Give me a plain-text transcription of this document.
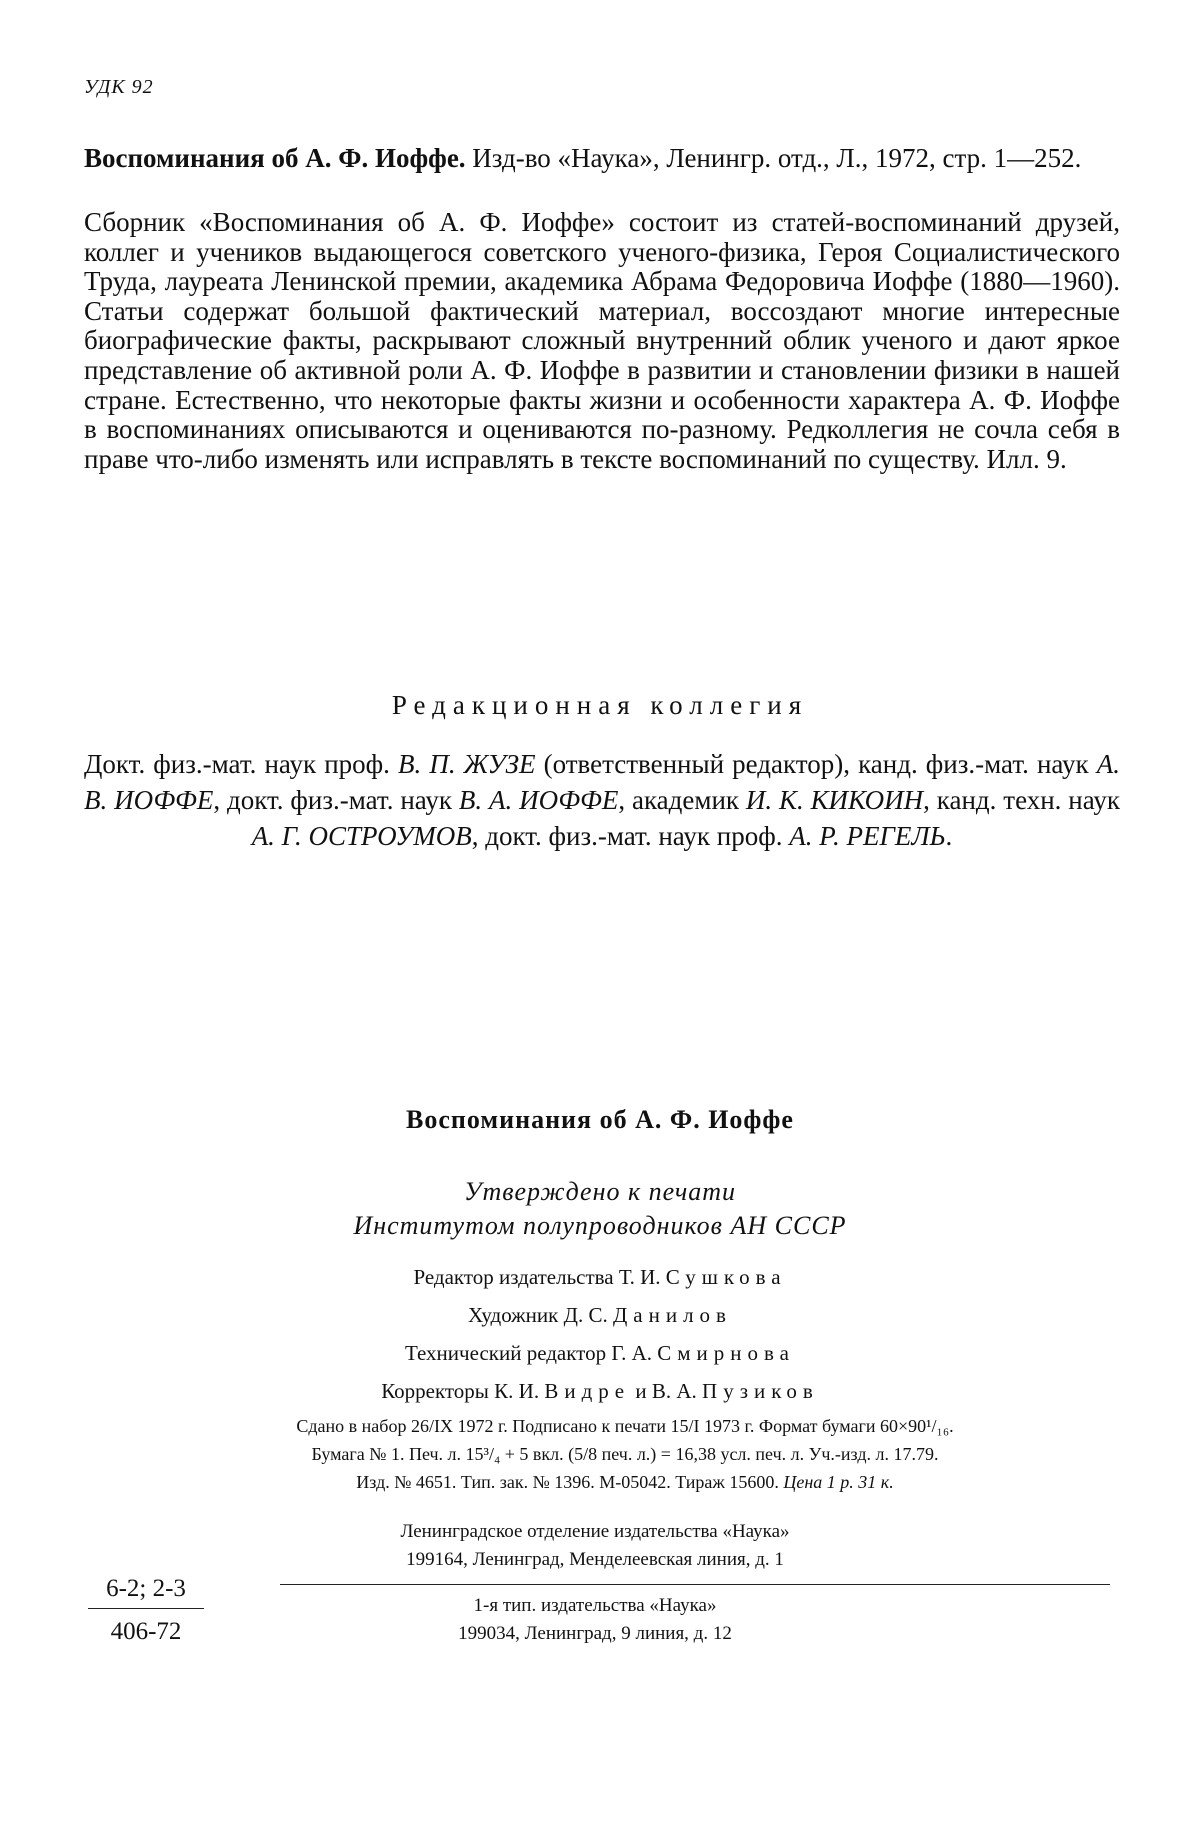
УДК 92
Воспоминания об А. Ф. Иоффе. Изд-во «Наука», Ленингр. отд., Л., 1972, стр. 1—252.
Сборник «Воспоминания об А. Ф. Иоффе» состоит из статей-воспоминаний друзей, коллег и учеников выдающегося советского ученого-физика, Героя Социалистического Труда, лауреата Ленинской премии, академика Абрама Федоровича Иоффе (1880—1960). Статьи содержат большой фактический материал, воссоздают многие интересные биографические факты, раскрывают сложный внутренний облик ученого и дают яркое представление об активной роли А. Ф. Иоффе в развитии и становлении физики в нашей стране. Естественно, что некоторые факты жизни и особенности характера А. Ф. Иоффе в воспоминаниях описываются и оцениваются по-разному. Редколлегия не сочла себя в праве что-либо изменять или исправлять в тексте воспоминаний по существу. Илл. 9.
Редакционная коллегия
Докт. физ.-мат. наук проф. В. П. ЖУЗЕ (ответственный редактор), канд. физ.-мат. наук А. В. ИОФФЕ, докт. физ.-мат. наук В. А. ИОФФЕ, академик И. К. КИКОИН, канд. техн. наук А. Г. ОСТРОУМОВ, докт. физ.-мат. наук проф. А. Р. РЕГЕЛЬ.
Воспоминания об А. Ф. Иоффе
Утверждено к печати
Институтом полупроводников АН СССР
Редактор издательства Т. И. Сушкова
Художник Д. С. Данилов
Технический редактор Г. А. Смирнова
Корректоры К. И. Видре и В. А. Пузиков
Сдано в набор 26/IX 1972 г. Подписано к печати 15/I 1973 г. Формат бумаги 60×90¹/₁₆.
Бумага № 1. Печ. л. 15³/₄ + 5 вкл. (5/8 печ. л.) = 16,38 усл. печ. л. Уч.-изд. л. 17.79.
Изд. № 4651. Тип. зак. № 1396. М-05042. Тираж 15600. Цена 1 р. 31 к.
Ленинградское отделение издательства «Наука»
199164, Ленинград, Менделеевская линия, д. 1
1-я тип. издательства «Наука»
199034, Ленинград, 9 линия, д. 12
$\frac{6-2; 2-3}{406-72}$
